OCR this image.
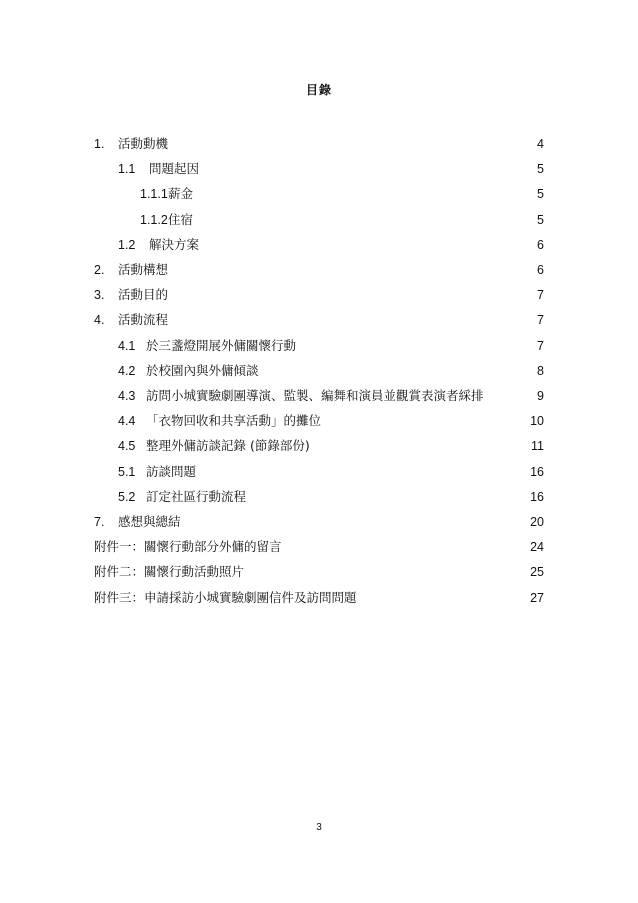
目錄
1. 活動動機	4
1.1 問題起因	5
1.1.1 薪金	5
1.1.2 住宿	5
1.2 解決方案	6
2. 活動構想	6
3. 活動目的	7
4. 活動流程	7
4.1 於三盞燈開展外傭關懷行動	7
4.2 於校園內與外傭傾談	8
4.3 訪問小城實驗劇團導演、監製、編舞和演員並觀賞表演者綵排	9
4.4 「衣物回收和共享活動」的攤位	10
4.5 整理外傭訪談記錄 (節錄部份)	11
5.1 訪談問題	16
5.2 訂定社區行動流程	16
7. 感想與總結	20
附件一：關懷行動部分外傭的留言	24
附件二：關懷行動活動照片	25
附件三：申請採訪小城實驗劇團信件及訪問問題	27
3
